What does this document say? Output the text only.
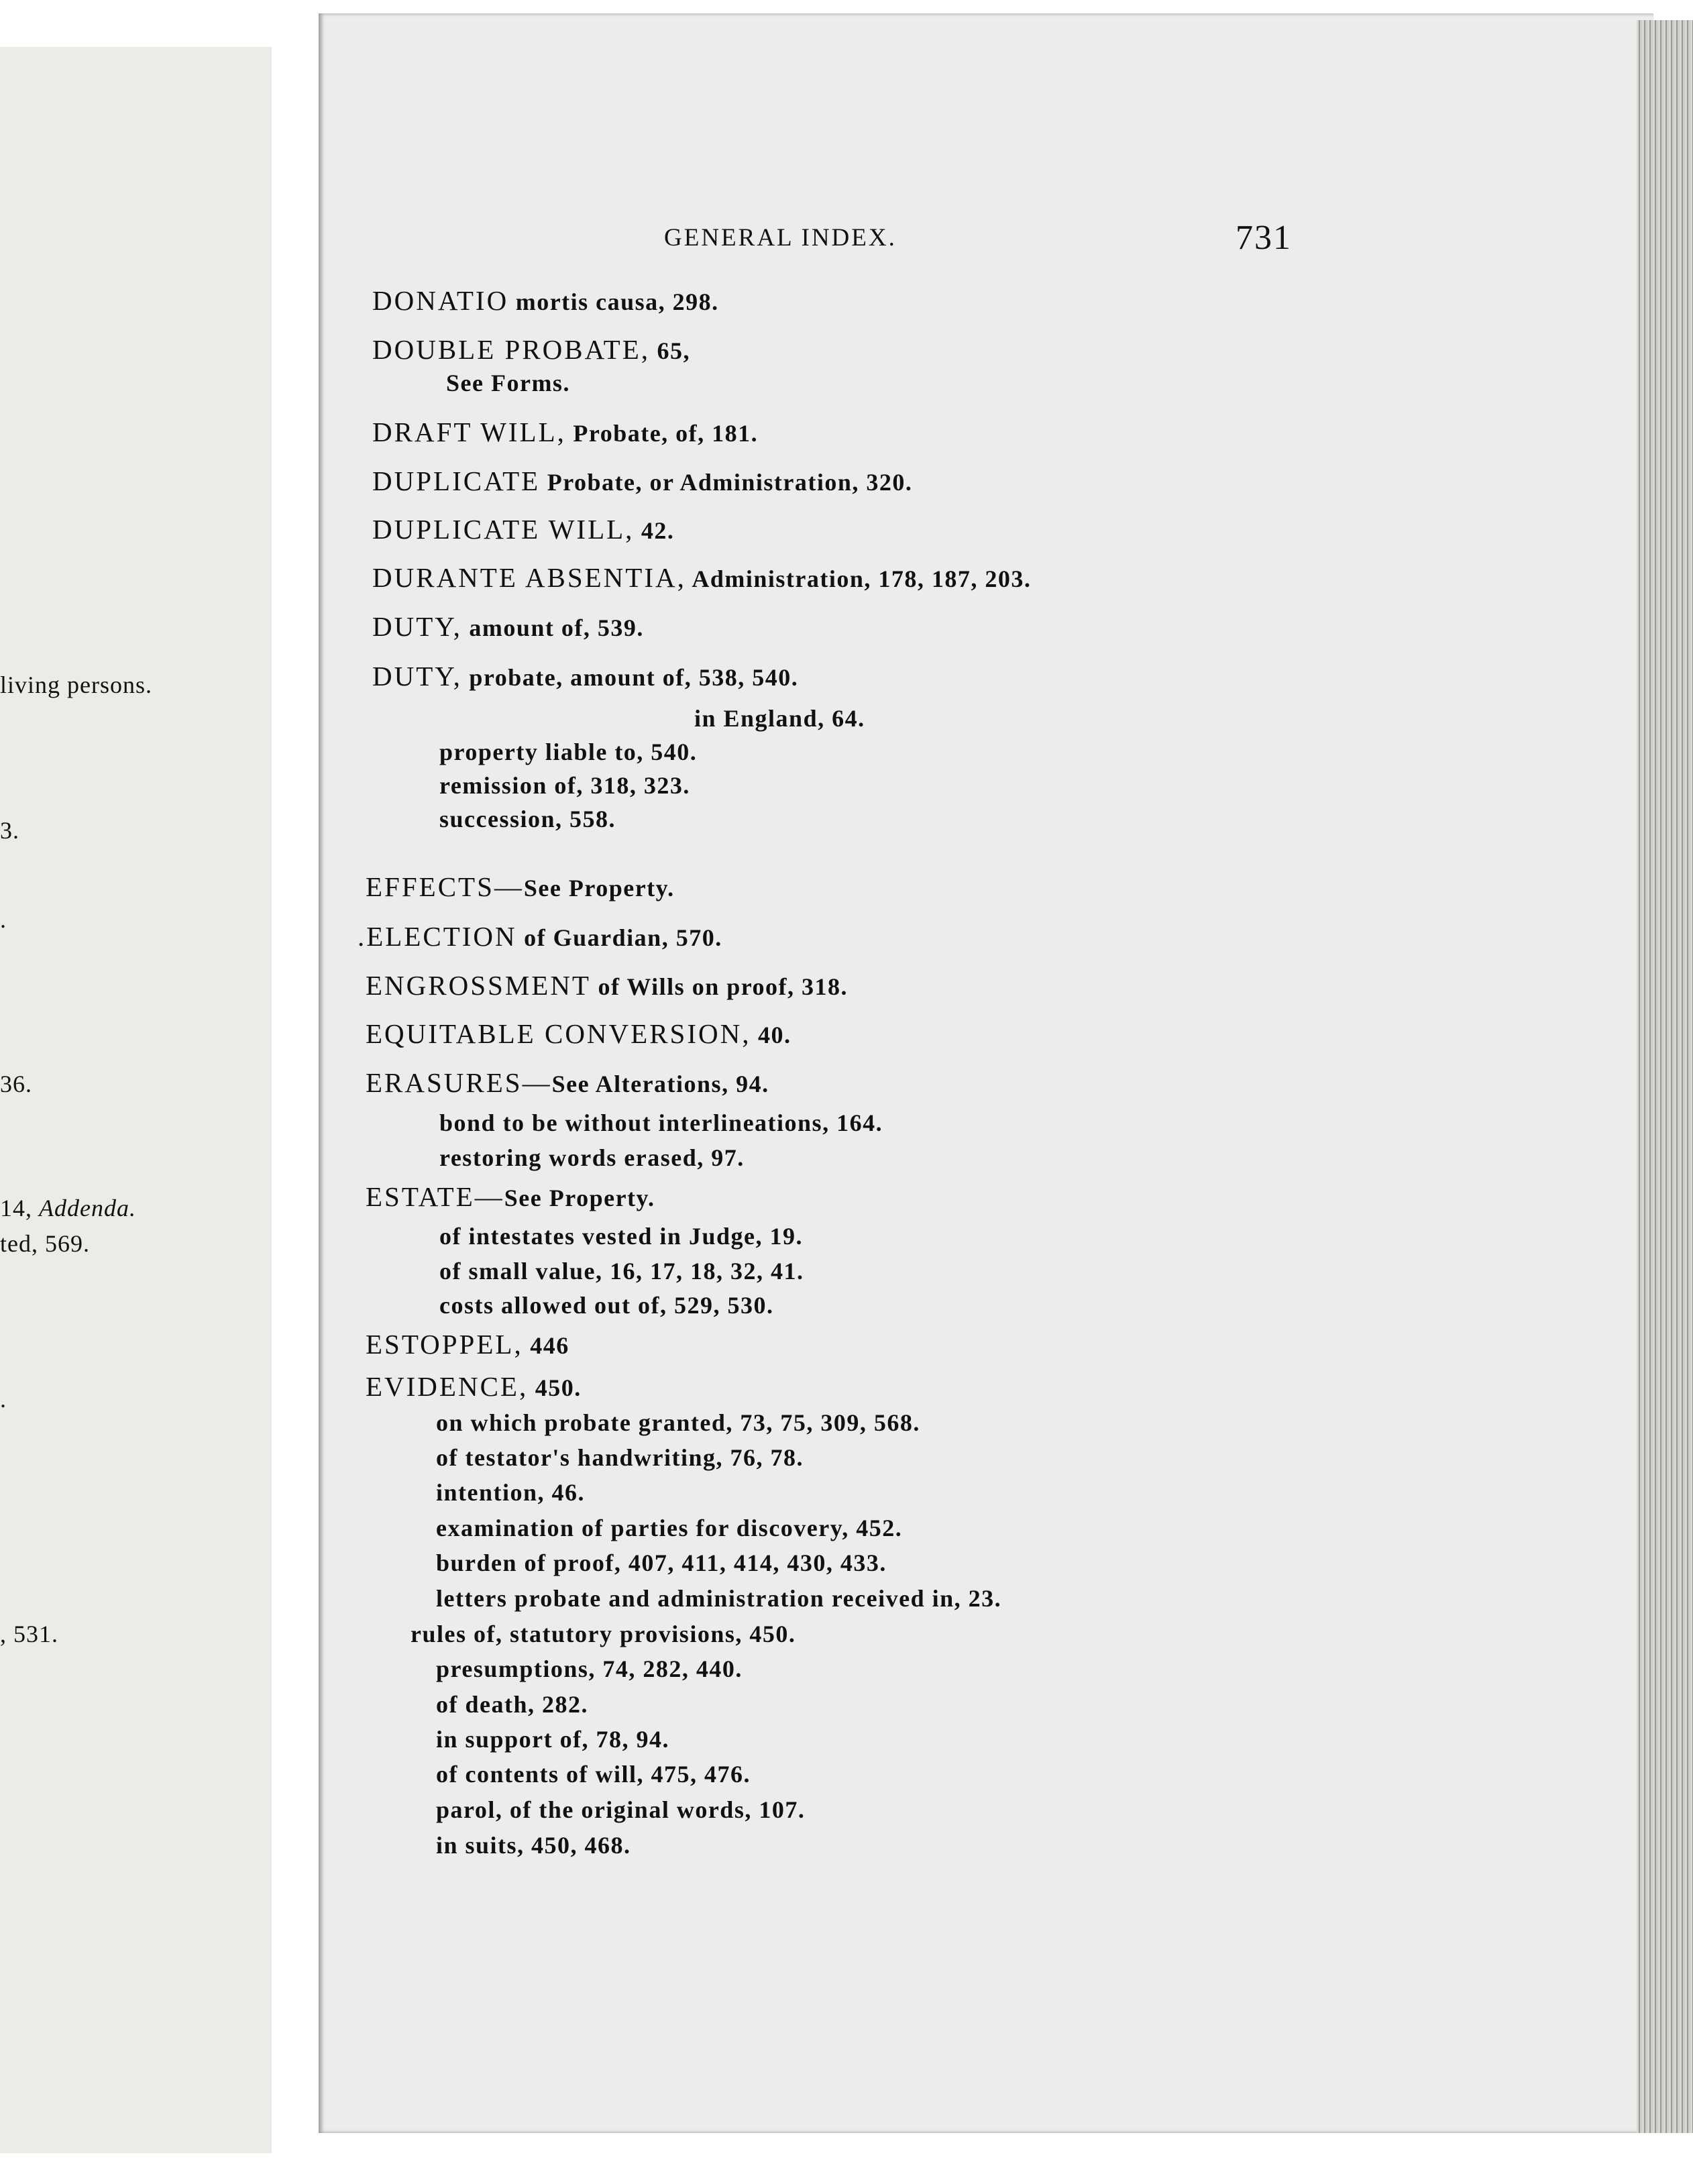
living persons.
3.
.
36.
14, Addenda.
ted, 569.
.
, 531.
GENERAL INDEX.	731
DONATIO mortis causa, 298.
DOUBLE PROBATE, 65,
See Forms.
DRAFT WILL, Probate, of, 181.
DUPLICATE Probate, or Administration, 320.
DUPLICATE WILL, 42.
DURANTE ABSENTIA, Administration, 178, 187, 203.
DUTY, amount of, 539.
DUTY, probate, amount of, 538, 540.
in England, 64.
property liable to, 540.
remission of, 318, 323.
succession, 558.
EFFECTS—See Property.
.ELECTION of Guardian, 570.
ENGROSSMENT of Wills on proof, 318.
EQUITABLE CONVERSION, 40.
ERASURES—See Alterations, 94.
bond to be without interlineations, 164.
restoring words erased, 97.
ESTATE—See Property.
of intestates vested in Judge, 19.
of small value, 16, 17, 18, 32, 41.
costs allowed out of, 529, 530.
ESTOPPEL, 446
EVIDENCE, 450.
on which probate granted, 73, 75, 309, 568.
of testator's handwriting, 76, 78.
intention, 46.
examination of parties for discovery, 452.
burden of proof, 407, 411, 414, 430, 433.
letters probate and administration received in, 23.
rules of, statutory provisions, 450.
presumptions, 74, 282, 440.
of death, 282.
in support of, 78, 94.
of contents of will, 475, 476.
parol, of the original words, 107.
in suits, 450, 468.
